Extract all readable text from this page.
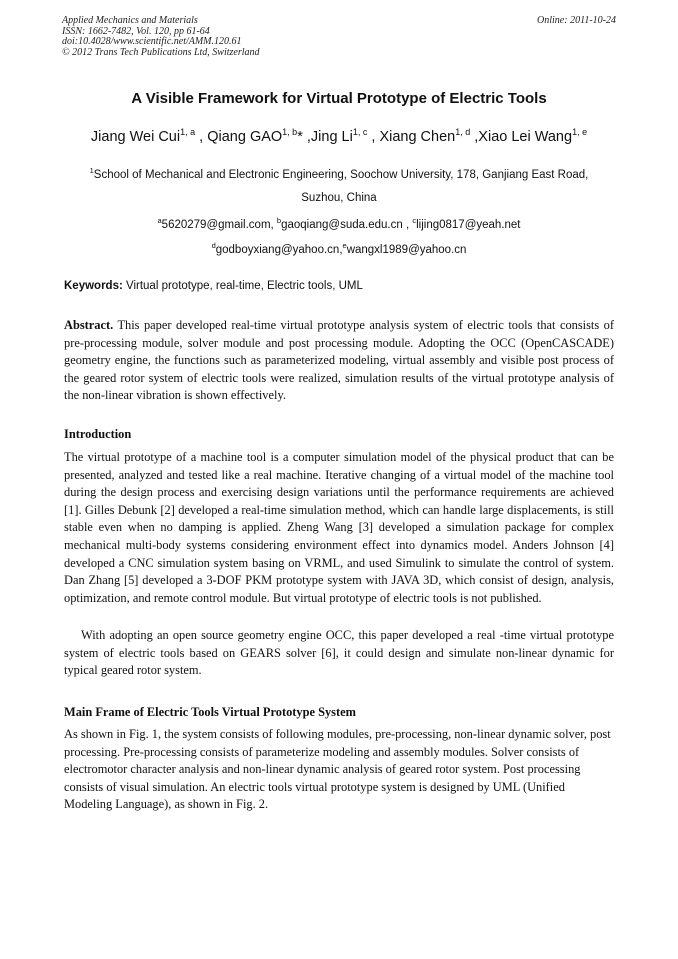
Applied Mechanics and Materials
ISSN: 1662-7482, Vol. 120, pp 61-64
doi:10.4028/www.scientific.net/AMM.120.61
© 2012 Trans Tech Publications Ltd, Switzerland
Online: 2011-10-24
A Visible Framework for Virtual Prototype of Electric Tools
Jiang Wei Cui$^{1, a}$ , Qiang GAO$^{1, b}$* ,Jing Li$^{1, c}$ , Xiang Chen$^{1, d}$ ,Xiao Lei Wang$^{1, e}$
$^1$School of Mechanical and Electronic Engineering, Soochow University, 178, Ganjiang East Road,
Suzhou, China
$^a$5620279@gmail.com, $^b$gaoqiang@suda.edu.cn , $^c$lijing0817@yeah.net
$^d$godboyxiang@yahoo.cn,$^e$wangxl1989@yahoo.cn
Keywords: Virtual prototype, real-time, Electric tools, UML
Abstract. This paper developed real-time virtual prototype analysis system of electric tools that consists of pre-processing module, solver module and post processing module. Adopting the OCC (OpenCASCADE) geometry engine, the functions such as parameterized modeling, virtual assembly and visible post process of the geared rotor system of electric tools were realized, simulation results of the virtual prototype analysis of the non-linear vibration is shown effectively.
Introduction
The virtual prototype of a machine tool is a computer simulation model of the physical product that can be presented, analyzed and tested like a real machine. Iterative changing of a virtual model of the machine tool during the design process and exercising design variations until the performance requirements are achieved [1]. Gilles Debunk [2] developed a real-time simulation method, which can handle large displacements, is still stable even when no damping is applied. Zheng Wang [3] developed a simulation package for complex mechanical multi-body systems considering environment effect into dynamics model. Anders Johnson [4] developed a CNC simulation system basing on VRML, and used Simulink to simulate the control of system. Dan Zhang [5] developed a 3-DOF PKM prototype system with JAVA 3D, which consist of design, analysis, optimization, and remote control module. But virtual prototype of electric tools is not published.
With adopting an open source geometry engine OCC, this paper developed a real -time virtual prototype system of electric tools based on GEARS solver [6], it could design and simulate non-linear dynamic for typical geared rotor system.
Main Frame of Electric Tools Virtual Prototype System
As shown in Fig. 1, the system consists of following modules, pre-processing, non-linear dynamic solver, post processing. Pre-processing consists of parameterize modeling and assembly modules. Solver consists of electromotor character analysis and non-linear dynamic analysis of geared rotor system. Post processing consists of visual simulation. An electric tools virtual prototype system is designed by UML (Unified Modeling Language), as shown in Fig. 2.
